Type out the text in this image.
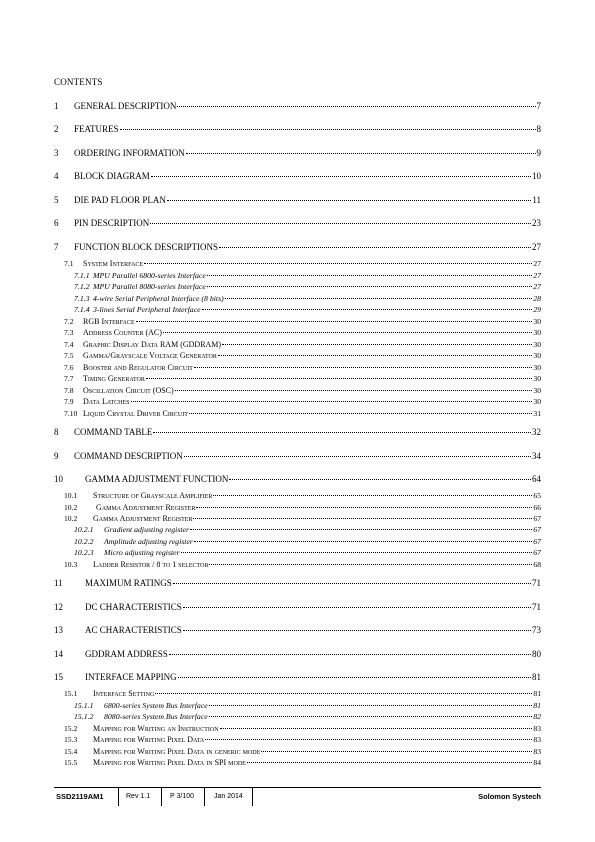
CONTENTS
1	GENERAL DESCRIPTION	7
2	FEATURES	8
3	ORDERING INFORMATION	9
4	BLOCK DIAGRAM	10
5	DIE PAD FLOOR PLAN	11
6	PIN DESCRIPTION	23
7	FUNCTION BLOCK DESCRIPTIONS	27
7.1	System Interface	27
7.1.1 MPU Parallel 6800-series Interface	27
7.1.2 MPU Parallel 8080-series Interface	27
7.1.3 4-wire Serial Peripheral Interface (8 bits)	28
7.1.4 3-lines Serial Peripheral Interface	29
7.2	RGB Interface	30
7.3	Address Counter (AC)	30
7.4	Graphic Display Data RAM (GDDRAM)	30
7.5	Gamma/Grayscale Voltage Generator	30
7.6	Booster and Regulator Circuit	30
7.7	Timing Generator	30
7.8	Oscillation Circuit (OSC)	30
7.9	Data Latches	30
7.10 Liquid Crystal Driver Circuit	31
8	COMMAND TABLE	32
9	COMMAND DESCRIPTION	34
10	GAMMA ADJUSTMENT FUNCTION	64
10.1	Structure of Grayscale Amplifier	65
10.2	Gamma Adjustment Register	66
10.2	Gamma Adjustment Register	67
10.2.1	Gradient adjusting register	67
10.2.2	Amplitude adjusting register	67
10.2.3	Micro adjusting register	67
10.3	Ladder Resistor / 8 to 1 selector	68
11	MAXIMUM RATINGS	71
12	DC CHARACTERISTICS	71
13	AC CHARACTERISTICS	73
14	GDDRAM ADDRESS	80
15	INTERFACE MAPPING	81
15.1	Interface Setting	81
15.1.1	6800-series System Bus Interface	81
15.1.2	8080-series System Bus Interface	82
15.2	Mapping for Writing an Instruction	83
15.3	Mapping for Writing Pixel Data	83
15.4	Mapping for Writing Pixel Data in generic mode	83
15.5	Mapping for Writing Pixel Data in SPI mode	84
SSD2119AM1	Rev 1.1	P 3/100	Jan 2014	Solomon Systech
